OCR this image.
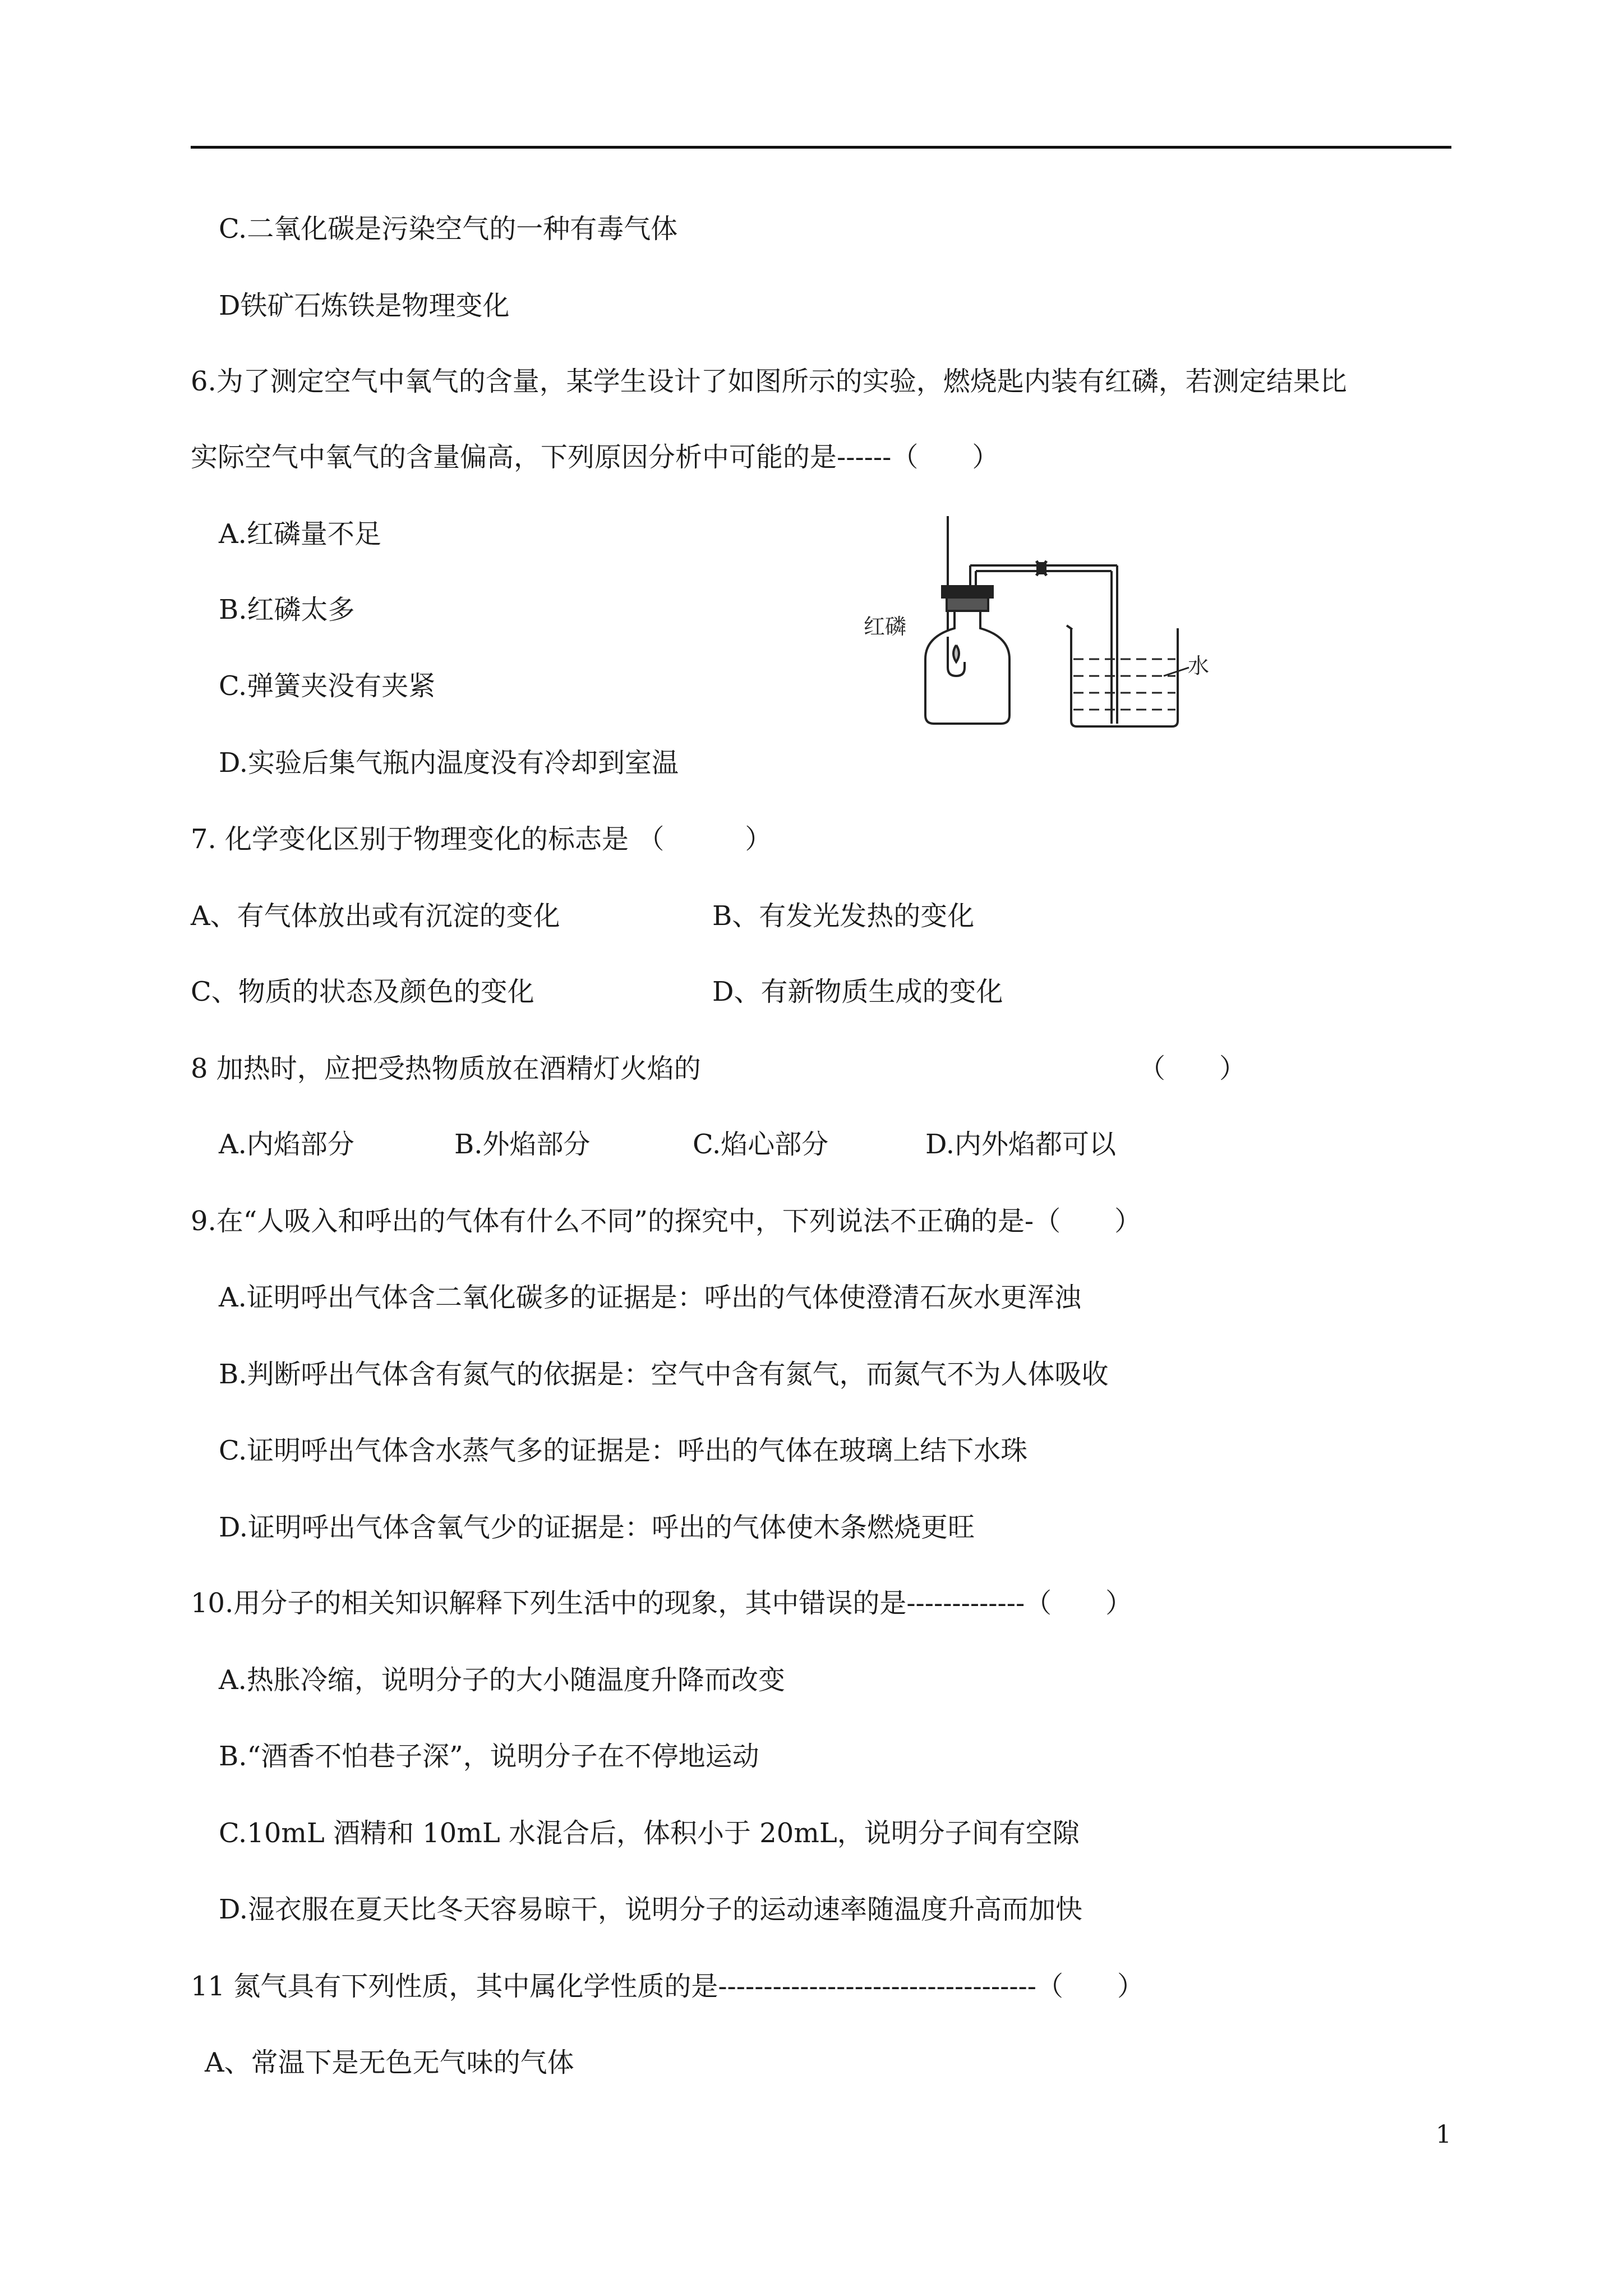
C.二氧化碳是污染空气的一种有毒气体
D铁矿石炼铁是物理变化
6.为了测定空气中氧气的含量，某学生设计了如图所示的实验，燃烧匙内装有红磷，若测定结果比
实际空气中氧气的含量偏高，下列原因分析中可能的是------（　　）
A.红磷量不足
B.红磷太多
C.弹簧夹没有夹紧
D.实验后集气瓶内温度没有冷却到室温
红磷
水
7. 化学变化区别于物理变化的标志是 （　　　）
A、有气体放出或有沉淀的变化	B、有发光发热的变化
C、物质的状态及颜色的变化	D、有新物质生成的变化
8 加热时，应把受热物质放在酒精灯火焰的	（　　）
A.内焰部分	B.外焰部分	C.焰心部分	D.内外焰都可以
9.在“人吸入和呼出的气体有什么不同”的探究中，下列说法不正确的是-（　　）
A.证明呼出气体含二氧化碳多的证据是：呼出的气体使澄清石灰水更浑浊
B.判断呼出气体含有氮气的依据是：空气中含有氮气，而氮气不为人体吸收
C.证明呼出气体含水蒸气多的证据是：呼出的气体在玻璃上结下水珠
D.证明呼出气体含氧气少的证据是：呼出的气体使木条燃烧更旺
10.用分子的相关知识解释下列生活中的现象，其中错误的是-------------（　　）
A.热胀冷缩，说明分子的大小随温度升降而改变
B.“酒香不怕巷子深”，说明分子在不停地运动
C.10mL 酒精和 10mL 水混合后，体积小于 20mL，说明分子间有空隙
D.湿衣服在夏天比冬天容易晾干，说明分子的运动速率随温度升高而加快
11 氮气具有下列性质，其中属化学性质的是-----------------------------------（　　）
A、常温下是无色无气味的气体
1
